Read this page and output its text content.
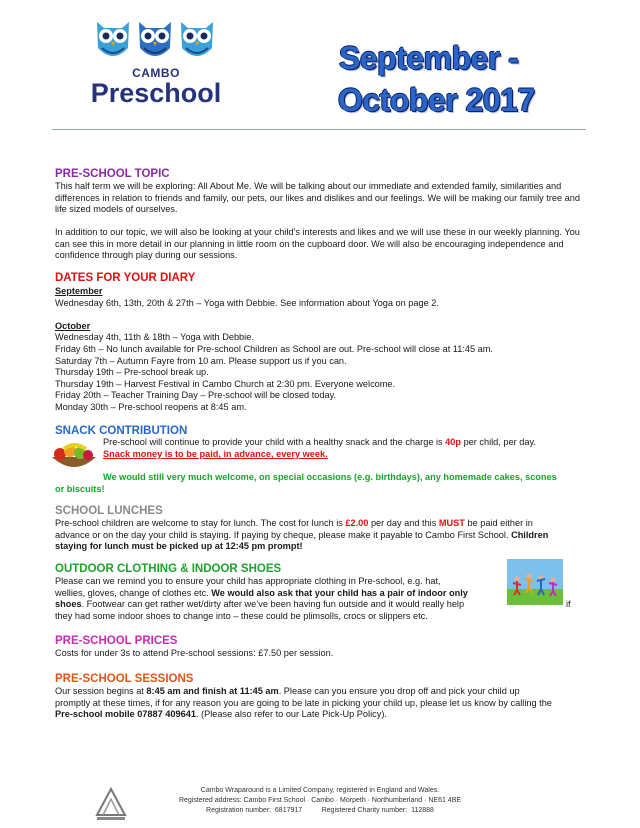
CAMBO
Preschool
September -
October 2017
PRE-SCHOOL TOPIC
This half term we will be exploring: All About Me. We will be talking about our immediate and extended family, similarities and differences in relation to friends and family, our pets, our likes and dislikes and our feelings. We will be making our family tree and life sized models of ourselves.
In addition to our topic, we will also be looking at your child’s interests and likes and we will use these in our weekly planning. You can see this in more detail in our planning in little room on the cupboard door. We will also be encouraging independence and confidence through play during our sessions.
DATES FOR YOUR DIARY
September
Wednesday 6th, 13th, 20th & 27th – Yoga with Debbie. See information about Yoga on page 2.
October
Wednesday 4th, 11th & 18th – Yoga with Debbie.
Friday 6th – No lunch available for Pre-school Children as School are out. Pre-school will close at 11:45 am.
Saturday 7th – Autumn Fayre from 10 am. Please support us if you can.
Thursday 19th – Pre-school break up.
Thursday 19th – Harvest Festival in Cambo Church at 2:30 pm. Everyone welcome.
Friday 20th – Teacher Training Day – Pre-school will be closed today.
Monday 30th – Pre-school reopens at 8:45 am.
SNACK CONTRIBUTION
Pre-school will continue to provide your child with a healthy snack and the charge is 40p per child, per day.
Snack money is to be paid, in advance, every week.
We would still very much welcome, on special occasions (e.g. birthdays), any homemade cakes, scones
or biscuits!
SCHOOL LUNCHES
Pre-school children are welcome to stay for lunch. The cost for lunch is £2.00 per day and this MUST be paid either in
advance or on the day your child is staying. If paying by cheque, please make it payable to Cambo First School. Children
staying for lunch must be picked up at 12:45 pm prompt!
OUTDOOR CLOTHING & INDOOR SHOES
Please can we remind you to ensure your child has appropriate clothing in Pre-school, e.g. hat,
wellies, gloves, change of clothes etc. We would also ask that your child has a pair of indoor only
shoes. Footwear can get rather wet/dirty after we’ve been having fun outside and it would really help	if
they had some indoor shoes to change into – these could be plimsolls, crocs or slippers etc.
PRE-SCHOOL PRICES
Costs for under 3s to attend Pre-school sessions: £7.50 per session.
PRE-SCHOOL SESSIONS
Our session begins at 8:45 am and finish at 11:45 am. Please can you ensure you drop off and pick your child up
promptly at these times, if for any reason you are going to be late in picking your child up, please let us know by calling the
Pre-school mobile 07887 409641. (Please also refer to our Late Pick-Up Policy).
Cambo Wraparound is a Limited Company, registered in England and Wales.
Registered address: Cambo First School · Cambo · Morpeth · Northumberland · NE61 4BE
Registration number:  6817917          Registered Charity number:  112888
